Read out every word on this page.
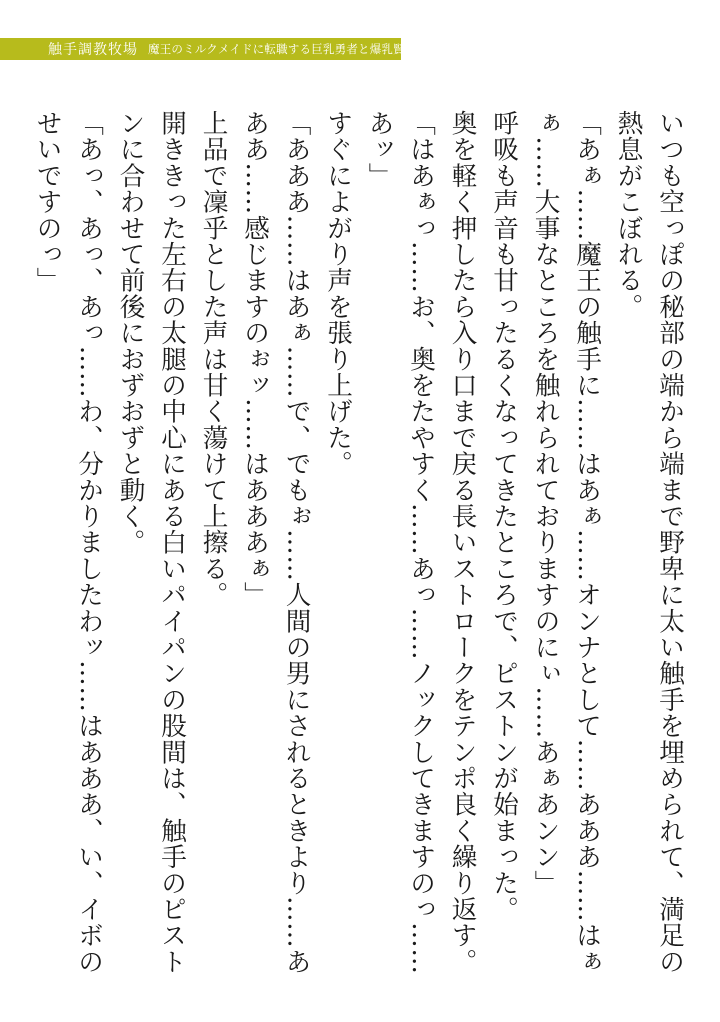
触手調教牧場 魔王のミルクメイドに転職する巨乳勇者と爆乳賢者

いつも空っぽの秘部の端から端まで野卑に太い触手を埋められて、満足の熱息がこぼれる。

「あぁ……魔王の触手に……はあぁ……オンナとして……あああ……はぁぁ……大事なところを触れられておりますのにぃ……あぁあンン」

呼吸も声音も甘ったるくなってきたところで、ピストンが始まった。

奥を軽く押したら入り口まで戻る長いストロークをテンポ良く繰り返す。

「はあぁっ……お、奥をたやすく……あっ……ノックしてきますのっ……あッ」

すぐによがり声を張り上げた。

「あああ……はあぁ……で、でもぉ……人間の男にされるときより……あああ……感じますのぉッ……はあああぁ」

上品で凜乎とした声は甘く蕩けて上擦る。

開ききった左右の太腿の中心にある白いパイパンの股間は、触手のピストンに合わせて前後におずおずと動く。

「あっ、あっ、あっ……わ、分かりましたわッ……はあああ、い、イボのせいですのっ」
